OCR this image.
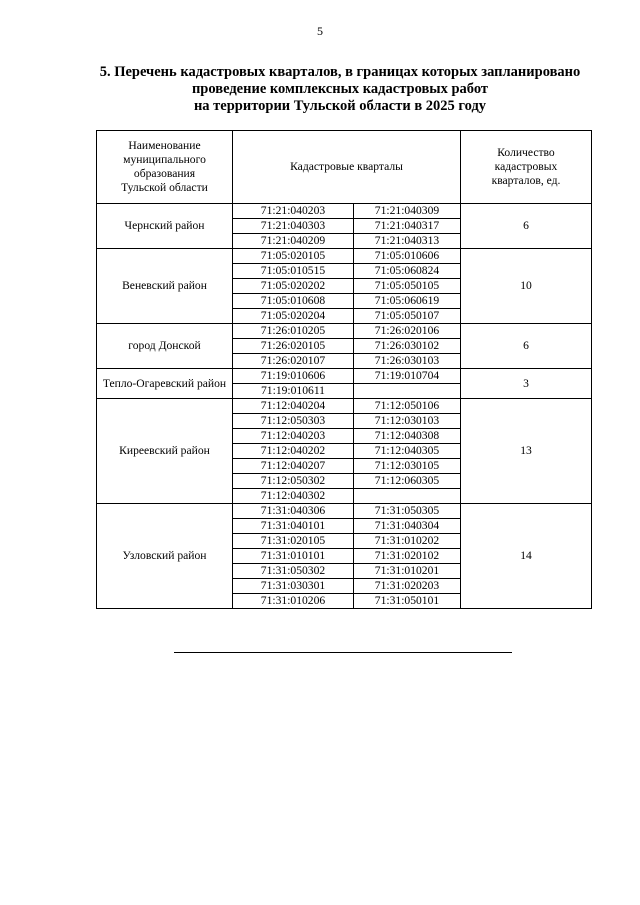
5
5. Перечень кадастровых кварталов, в границах которых запланировано
проведение комплексных кадастровых работ
на территории Тульской области в 2025 году
Наименование муниципального образования Тульской области	Кадастровые кварталы		Количество кадастровых кварталов, ед.
Чернский район	71:21:040203	71:21:040309	6
	71:21:040303	71:21:040317	
	71:21:040209	71:21:040313	
Веневский район	71:05:020105	71:05:010606	10
	71:05:010515	71:05:060824	
	71:05:020202	71:05:050105	
	71:05:010608	71:05:060619	
	71:05:020204	71:05:050107	
город Донской	71:26:010205	71:26:020106	6
	71:26:020105	71:26:030102	
	71:26:020107	71:26:030103	
Тепло-Огаревский район	71:19:010606	71:19:010704	3
	71:19:010611		
Киреевский район	71:12:040204	71:12:050106	13
	71:12:050303	71:12:030103	
	71:12:040203	71:12:040308	
	71:12:040202	71:12:040305	
	71:12:040207	71:12:030105	
	71:12:050302	71:12:060305	
	71:12:040302		
Узловский район	71:31:040306	71:31:050305	14
	71:31:040101	71:31:040304	
	71:31:020105	71:31:010202	
	71:31:010101	71:31:020102	
	71:31:050302	71:31:010201	
	71:31:030301	71:31:020203	
	71:31:010206	71:31:050101	
